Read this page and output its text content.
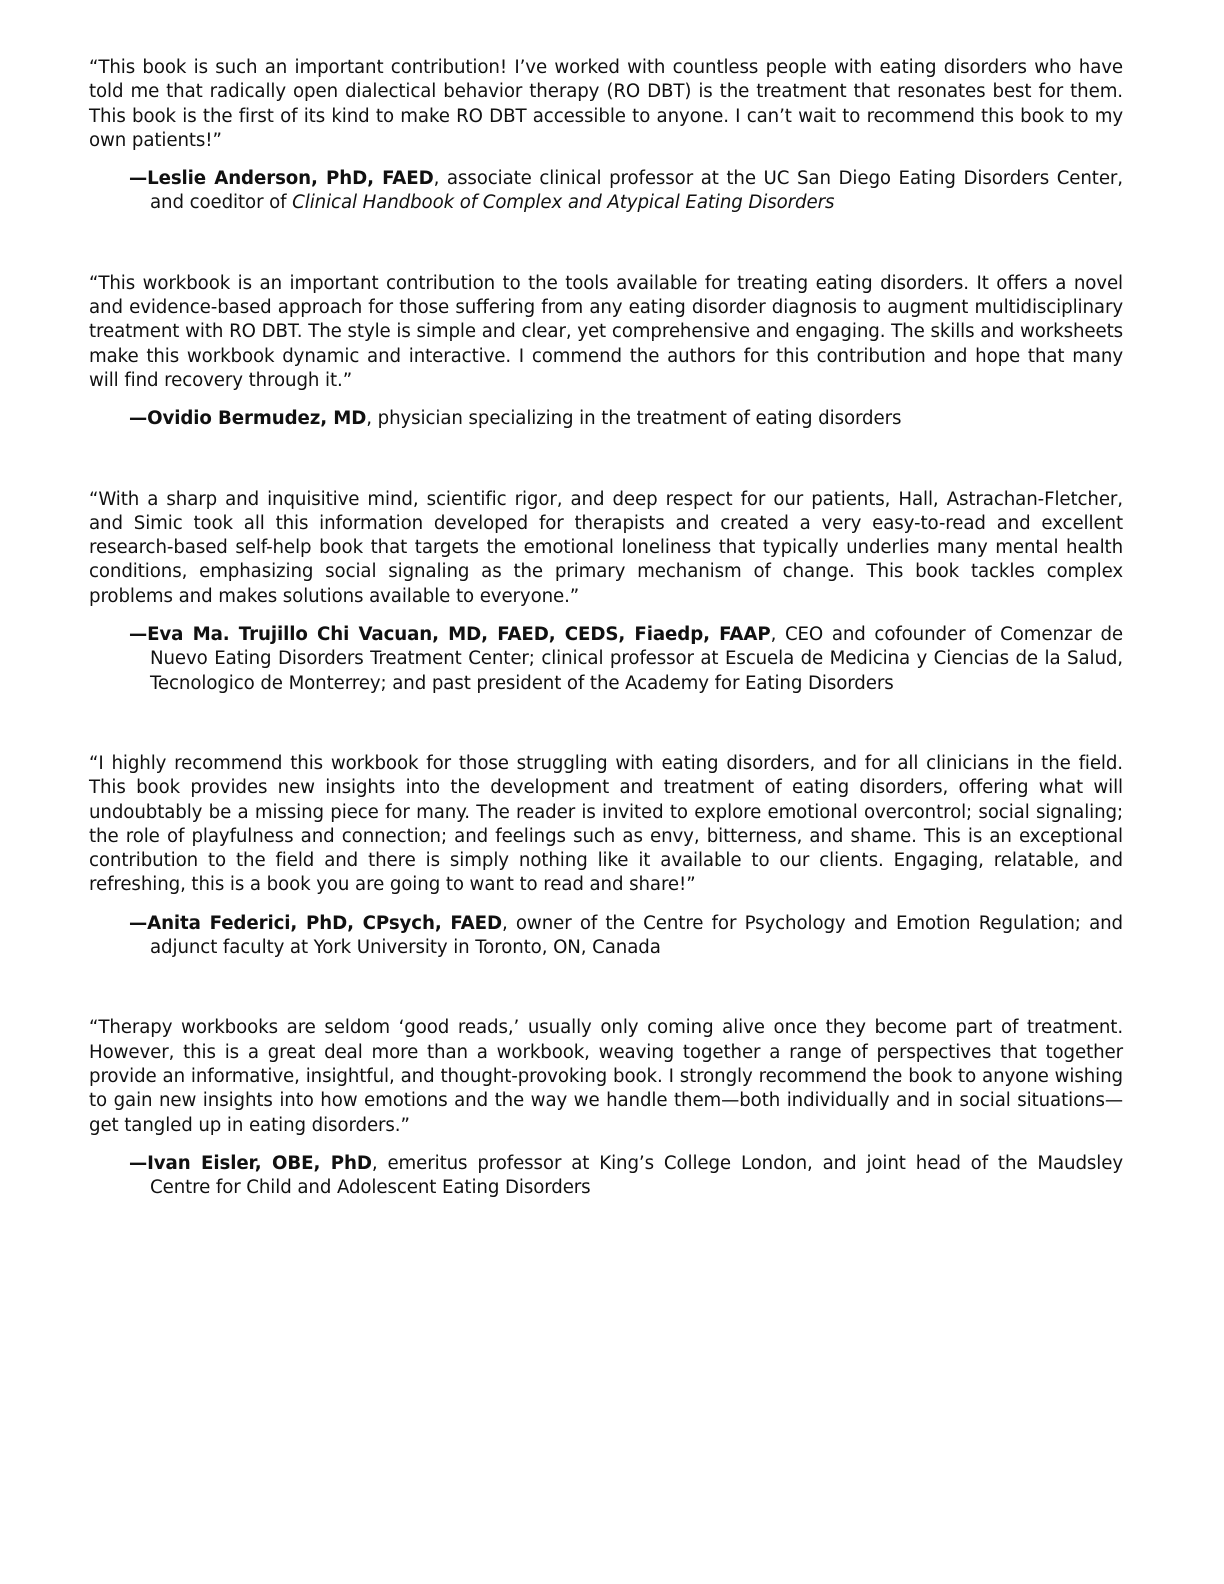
“This book is such an important contribution! I’ve worked with countless people with eating disorders who have told me that radically open dialectical behavior therapy (RO DBT) is the treatment that resonates best for them. This book is the first of its kind to make RO DBT accessible to anyone. I can’t wait to recommend this book to my own patients!”

—Leslie Anderson, PhD, FAED, associate clinical professor at the UC San Diego Eating Disorders Center, and coeditor of Clinical Handbook of Complex and Atypical Eating Disorders

“This workbook is an important contribution to the tools available for treating eating disorders. It offers a novel and evidence-based approach for those suffering from any eating disorder diagnosis to augment multidisciplinary treatment with RO DBT. The style is simple and clear, yet comprehensive and engaging. The skills and worksheets make this workbook dynamic and interactive. I commend the authors for this contribution and hope that many will find recovery through it.”

—Ovidio Bermudez, MD, physician specializing in the treatment of eating disorders

“With a sharp and inquisitive mind, scientific rigor, and deep respect for our patients, Hall, Astrachan-Fletcher, and Simic took all this information developed for therapists and created a very easy-to-read and excellent research-based self-help book that targets the emotional loneliness that typically underlies many mental health conditions, emphasizing social signaling as the primary mechanism of change. This book tackles complex problems and makes solutions available to everyone.”

—Eva Ma. Trujillo Chi Vacuan, MD, FAED, CEDS, Fiaedp, FAAP, CEO and cofounder of Comenzar de Nuevo Eating Disorders Treatment Center; clinical professor at Escuela de Medicina y Ciencias de la Salud, Tecnologico de Monterrey; and past president of the Academy for Eating Disorders

“I highly recommend this workbook for those struggling with eating disorders, and for all clinicians in the field. This book provides new insights into the development and treatment of eating disorders, offering what will undoubtably be a missing piece for many. The reader is invited to explore emotional overcontrol; social signaling; the role of playfulness and connection; and feelings such as envy, bitterness, and shame. This is an exceptional contribution to the field and there is simply nothing like it available to our clients. Engaging, relatable, and refreshing, this is a book you are going to want to read and share!”

—Anita Federici, PhD, CPsych, FAED, owner of the Centre for Psychology and Emotion Regulation; and adjunct faculty at York University in Toronto, ON, Canada

“Therapy workbooks are seldom ‘good reads,’ usually only coming alive once they become part of treatment. However, this is a great deal more than a workbook, weaving together a range of perspectives that together provide an informative, insightful, and thought-provoking book. I strongly recommend the book to anyone wishing to gain new insights into how emotions and the way we handle them—both individually and in social situations—get tangled up in eating disorders.”

—Ivan Eisler, OBE, PhD, emeritus professor at King’s College London, and joint head of the Maudsley Centre for Child and Adolescent Eating Disorders
